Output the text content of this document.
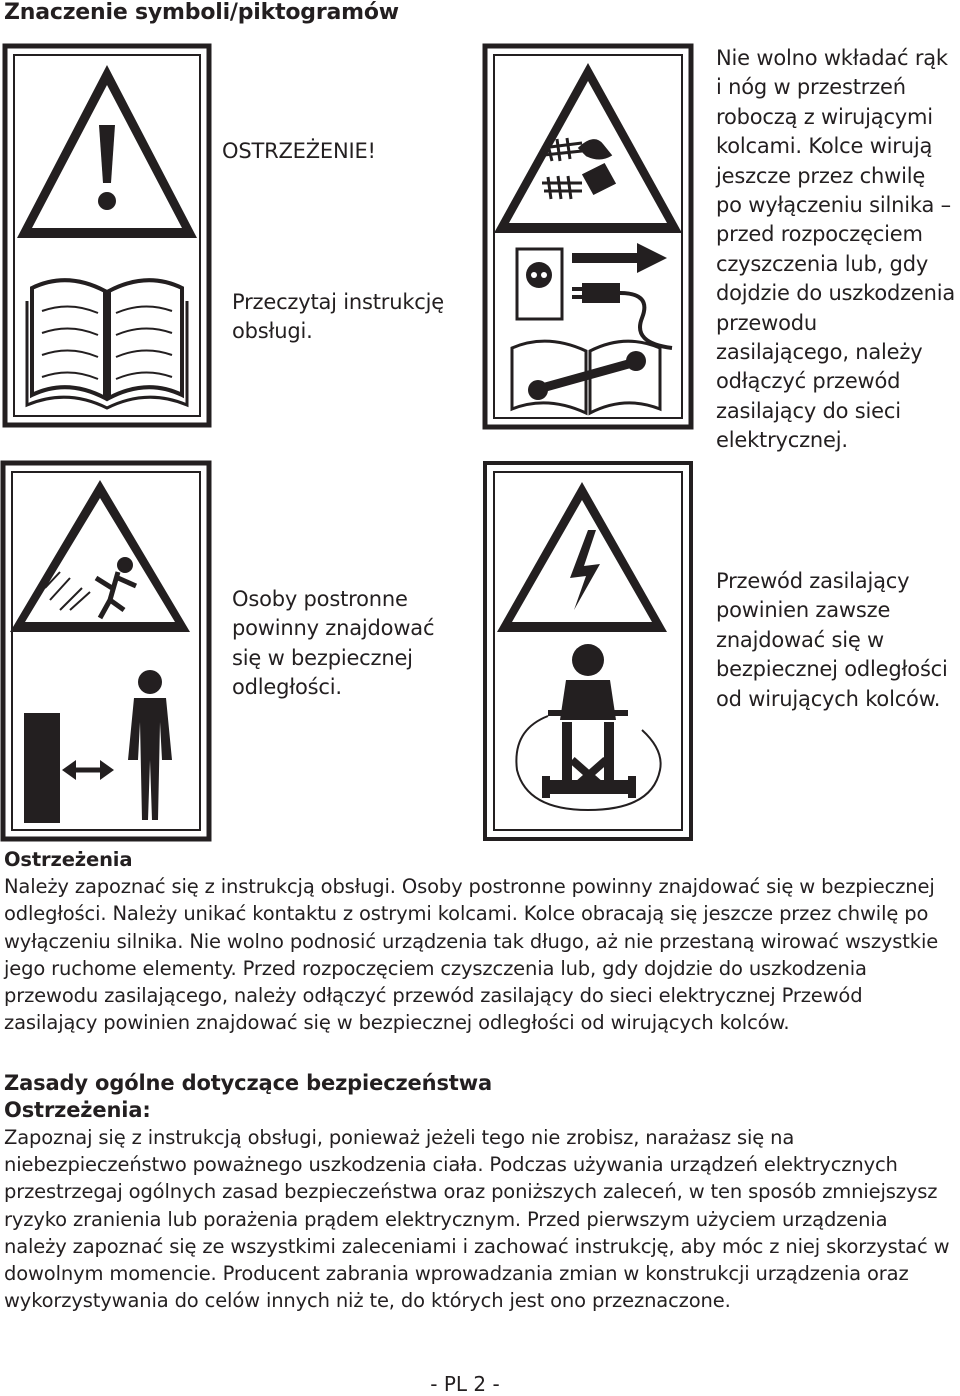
Znaczenie symboli/piktogramów
OSTRZEŻENIE!
Przeczytaj instrukcję obsługi.
Nie wolno wkładać rąk i nóg w przestrzeń roboczą z wirującymi kolcami. Kolce wirują jeszcze przez chwilę po wyłączeniu silnika – przed rozpoczęciem czyszczenia lub, gdy dojdzie do uszkodzenia przewodu zasilającego, należy odłączyć przewód zasilający do sieci elektrycznej.
Osoby postronne powinny znajdować się w bezpiecznej odległości.
Przewód zasilający powinien zawsze znajdować się w bezpiecznej odległości od wirujących kolców.
Ostrzeżenia

Należy zapoznać się z instrukcją obsługi. Osoby postronne powinny znajdować się w bezpiecznej odległości. Należy unikać kontaktu z ostrymi kolcami. Kolce obracają się jeszcze przez chwilę po wyłączeniu silnika. Nie wolno podnosić urządzenia tak długo, aż nie przestaną wirować wszystkie jego ruchome elementy. Przed rozpoczęciem czyszczenia lub, gdy dojdzie do uszkodzenia przewodu zasilającego, należy odłączyć przewód zasilający do sieci elektrycznej Przewód zasilający powinien znajdować się w bezpiecznej odległości od wirujących kolców.

Zasady ogólne dotyczące bezpieczeństwa
Ostrzeżenia:

Zapoznaj się z instrukcją obsługi, ponieważ jeżeli tego nie zrobisz, narażasz się na niebezpieczeństwo poważnego uszkodzenia ciała. Podczas używania urządzeń elektrycznych przestrzegaj ogólnych zasad bezpieczeństwa oraz poniższych zaleceń, w ten sposób zmniejszysz ryzyko zranienia lub porażenia prądem elektrycznym. Przed pierwszym użyciem urządzenia należy zapoznać się ze wszystkimi zaleceniami i zachować instrukcję, aby móc z niej skorzystać w dowolnym momencie. Producent zabrania wprowadzania zmian w konstrukcji urządzenia oraz wykorzystywania do celów innych niż te, do których jest ono przeznaczone.

- PL 2 -
